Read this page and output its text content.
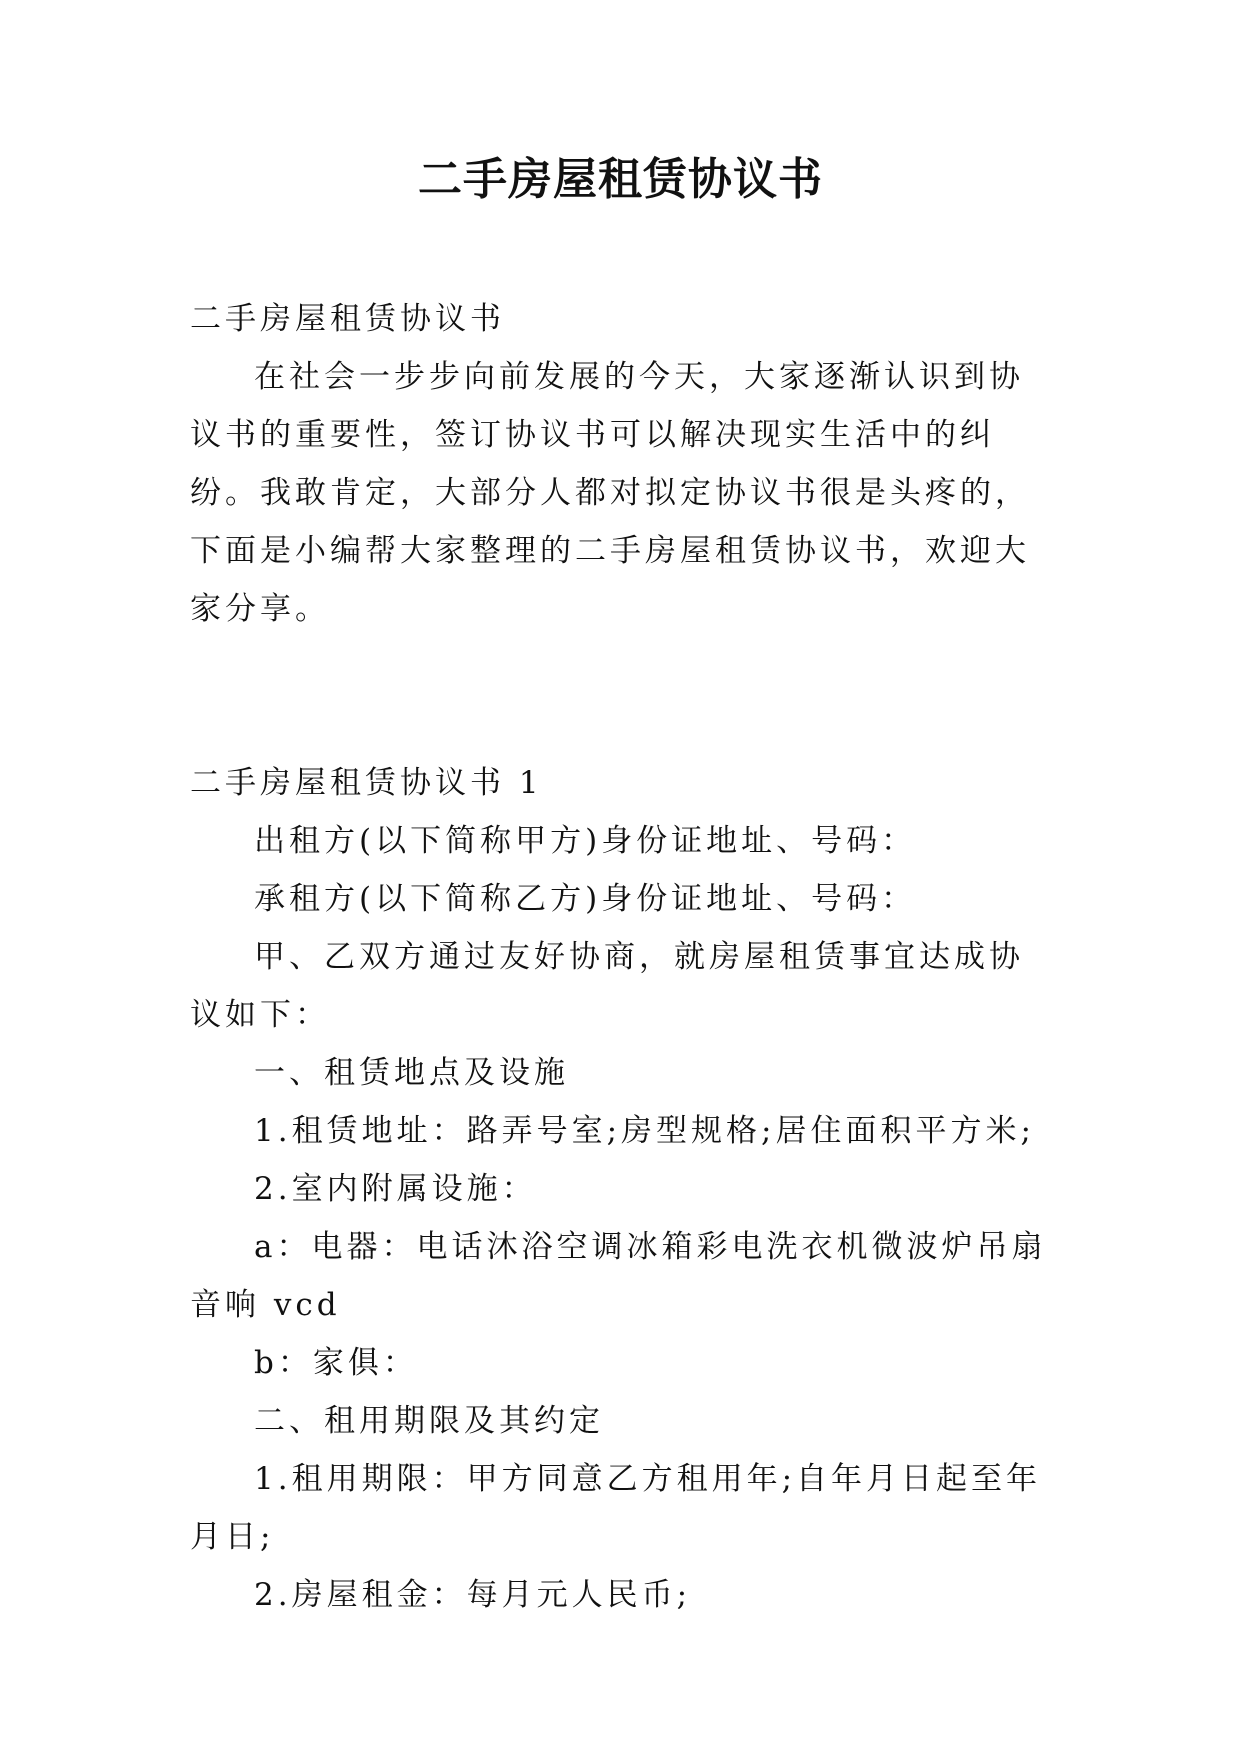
二手房屋租赁协议书

二手房屋租赁协议书

在社会一步步向前发展的今天，大家逐渐认识到协议书的重要性，签订协议书可以解决现实生活中的纠纷。我敢肯定，大部分人都对拟定协议书很是头疼的，下面是小编帮大家整理的二手房屋租赁协议书，欢迎大家分享。

二手房屋租赁协议书 1

出租方(以下简称甲方)身份证地址、号码：

承租方(以下简称乙方)身份证地址、号码：

甲、乙双方通过友好协商，就房屋租赁事宜达成协议如下：

一、租赁地点及设施

1.租赁地址：路弄号室;房型规格;居住面积平方米;

2.室内附属设施：

a：电器：电话沐浴空调冰箱彩电洗衣机微波炉吊扇音响 vcd

b：家俱：

二、租用期限及其约定

1.租用期限：甲方同意乙方租用年;自年月日起至年月日;

2.房屋租金：每月元人民币;
